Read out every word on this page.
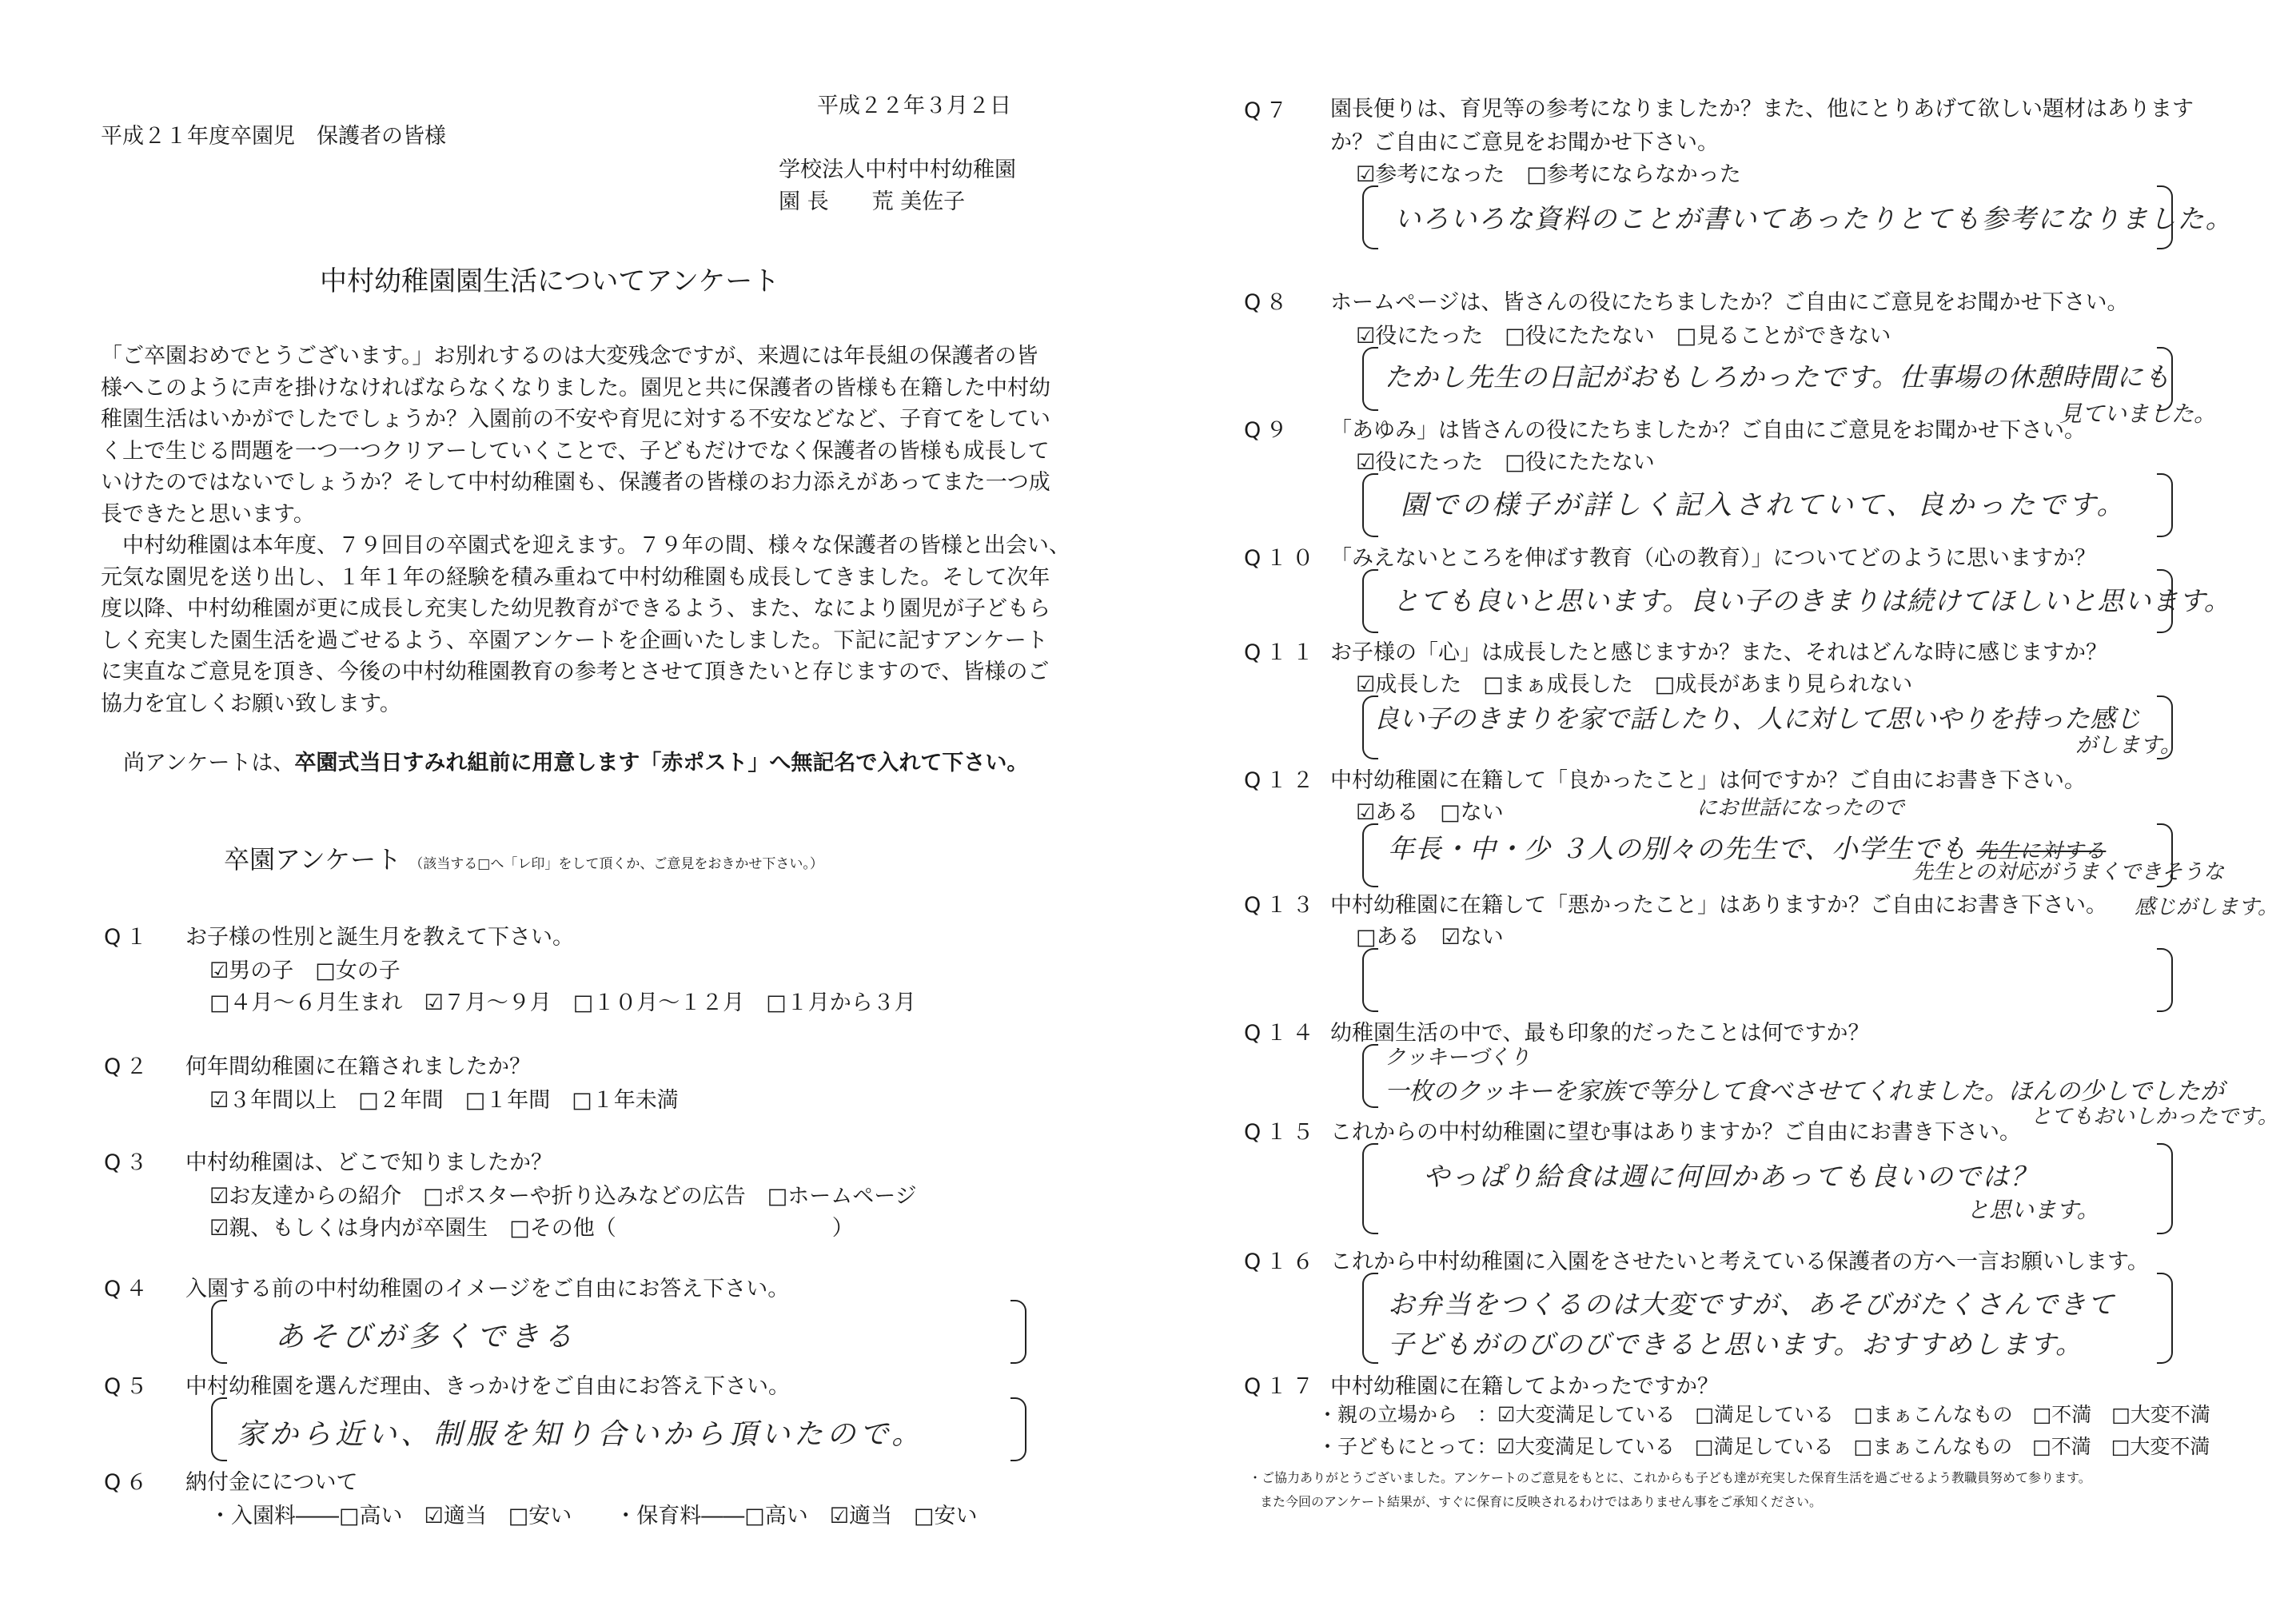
平成２２年３月２日
平成２１年度卒園児　保護者の皆様
学校法人中村中村幼稚園
園 長　　荒 美佐子
中村幼稚園園生活についてアンケート
「ご卒園おめでとうございます。」お別れするのは大変残念ですが、来週には年長組の保護者の皆
様へこのように声を掛けなければならなくなりました。園児と共に保護者の皆様も在籍した中村幼
稚園生活はいかがでしたでしょうか？入園前の不安や育児に対する不安などなど、子育てをしてい
く上で生じる問題を一つ一つクリアーしていくことで、子どもだけでなく保護者の皆様も成長して
いけたのではないでしょうか？そして中村幼稚園も、保護者の皆様のお力添えがあってまた一つ成
長できたと思います。
　中村幼稚園は本年度、７９回目の卒園式を迎えます。７９年の間、様々な保護者の皆様と出会い、
元気な園児を送り出し、１年１年の経験を積み重ねて中村幼稚園も成長してきました。そして次年
度以降、中村幼稚園が更に成長し充実した幼児教育ができるよう、また、なにより園児が子どもら
しく充実した園生活を過ごせるよう、卒園アンケートを企画いたしました。下記に記すアンケート
に実直なご意見を頂き、今後の中村幼稚園教育の参考とさせて頂きたいと存じますので、皆様のご
協力を宜しくお願い致します。
尚アンケートは、卒園式当日すみれ組前に用意します「赤ポスト」へ無記名で入れて下さい。
卒園アンケート （該当する□へ「レ印」をして頂くか、ご意見をおきかせ下さい。）
Q１ お子様の性別と誕生月を教えて下さい。
☑男の子　□女の子
□４月～６月生まれ　☑７月～９月　□１０月～１２月　□１月から３月
Q２ 何年間幼稚園に在籍されましたか？
☑３年間以上　□２年間　□１年間　□１年未満
Q３ 中村幼稚園は、どこで知りましたか？
☑お友達からの紹介　□ポスターや折り込みなどの広告　□ホームページ
☑親、もしくは身内が卒園生　□その他（　　　　　　　　　　）
Q４ 入園する前の中村幼稚園のイメージをご自由にお答え下さい。
あそびが多くできる
Q５ 中村幼稚園を選んだ理由、きっかけをご自由にお答え下さい。
家から近い、制服を知り合いから頂いたので。
Q６ 納付金にについて
・入園料――□高い　☑適当　□安い　　・保育料――□高い　☑適当　□安い
Q７ 園長便りは、育児等の参考になりましたか？また、他にとりあげて欲しい題材はありますか？ご自由にご意見をお聞かせ下さい。
☑参考になった　□参考にならなかった
いろいろな資料のことが書いてあったりとても参考になりました。
Q８ ホームページは、皆さんの役にたちましたか？ご自由にご意見をお聞かせ下さい。
☑役にたった　□役にたたない　□見ることができない
たかし先生の日記がおもしろかったです。仕事場の休憩時間にも
見ていました。
Q９ 「あゆみ」は皆さんの役にたちましたか？ご自由にご意見をお聞かせ下さい。
☑役にたった　□役にたたない
園での様子が詳しく記入されていて、良かったです。
Q１０ 「みえないところを伸ばす教育（心の教育）」についてどのように思いますか？
とても良いと思います。良い子のきまりは続けてほしいと思います。
Q１１ お子様の「心」は成長したと感じますか？また、それはどんな時に感じますか？
☑成長した　□まぁ成長した　□成長があまり見られない
良い子のきまりを家で話したり、人に対して思いやりを持った感じ
がします。
Q１２ 中村幼稚園に在籍して「良かったこと」は何ですか？ご自由にお書き下さい。
☑ある　□ない	にお世話になったので
年長・中・少 ３人の別々の先生で、小学生でも 先生に対する
先生との対応がうまくできそうな
感じがします。
Q１３ 中村幼稚園に在籍して「悪かったこと」はありますか？ご自由にお書き下さい。
□ある　☑ない
Q１４ 幼稚園生活の中で、最も印象的だったことは何ですか？
クッキーづくり
一枚のクッキーを家族で等分して食べさせてくれました。ほんの少しでしたが
とてもおいしかったです。
Q１５ これからの中村幼稚園に望む事はありますか？ご自由にお書き下さい。
やっぱり給食は週に何回かあっても良いのでは？
と思います。
Q１６ これから中村幼稚園に入園をさせたいと考えている保護者の方へ一言お願いします。
お弁当をつくるのは大変ですが、あそびがたくさんできて
子どもがのびのびできると思います。おすすめします。
Q１７ 中村幼稚園に在籍してよかったですか？
・親の立場から　：☑大変満足している　□満足している　□まぁこんなもの　□不満　□大変不満
・子どもにとって：☑大変満足している　□満足している　□まぁこんなもの　□不満　□大変不満
・ご協力ありがとうございました。アンケートのご意見をもとに、これからも子ども達が充実した保育生活を過ごせるよう教職員努めて参ります。
また今回のアンケート結果が、すぐに保育に反映されるわけではありません事をご承知ください。
